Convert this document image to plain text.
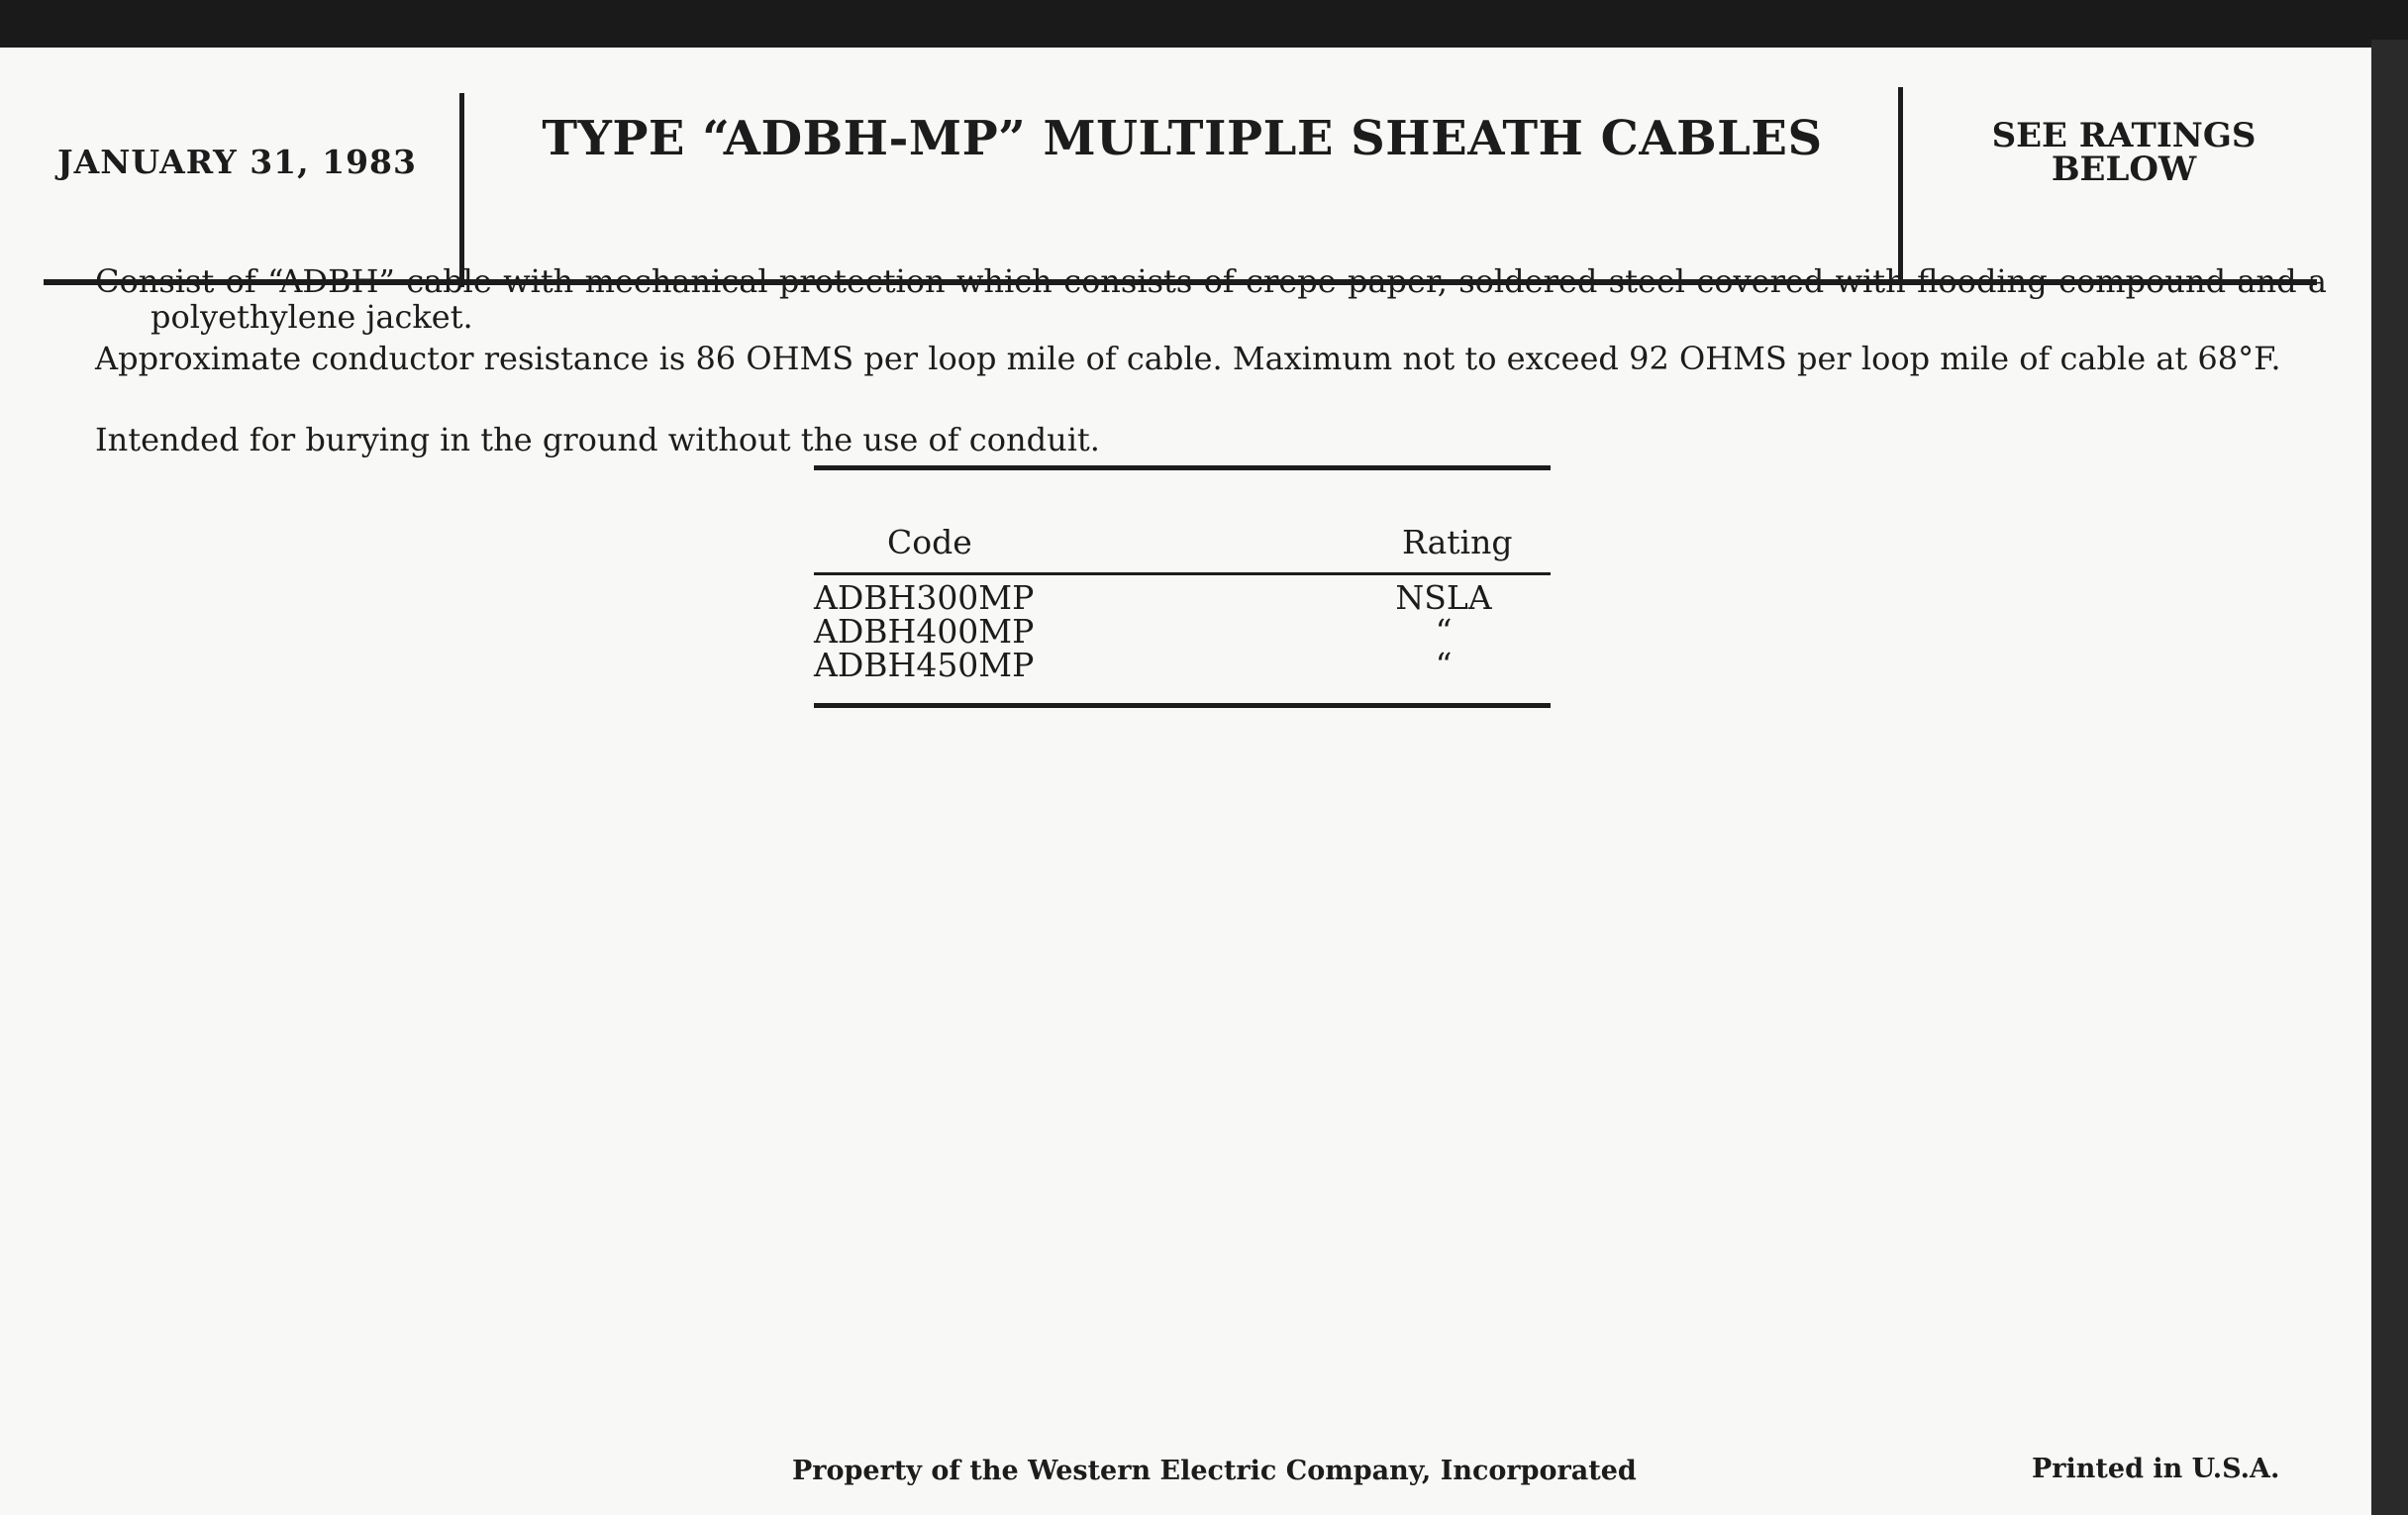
JANUARY 31, 1983	TYPE “ADBH-MP” MULTIPLE SHEATH CABLES	SEE RATINGS
BELOW
Consist of “ADBH” cable with mechanical protection which consists of crepe paper, soldered steel covered with flooding compound and a polyethylene jacket.
Approximate conductor resistance is 86 OHMS per loop mile of cable. Maximum not to exceed 92 OHMS per loop mile of cable at 68°F.
Intended for burying in the ground without the use of conduit.
Code	Rating
ADBH300MP	NSLA
ADBH400MP	“
ADBH450MP	“
Property of the Western Electric Company, Incorporated	Printed in U.S.A.
